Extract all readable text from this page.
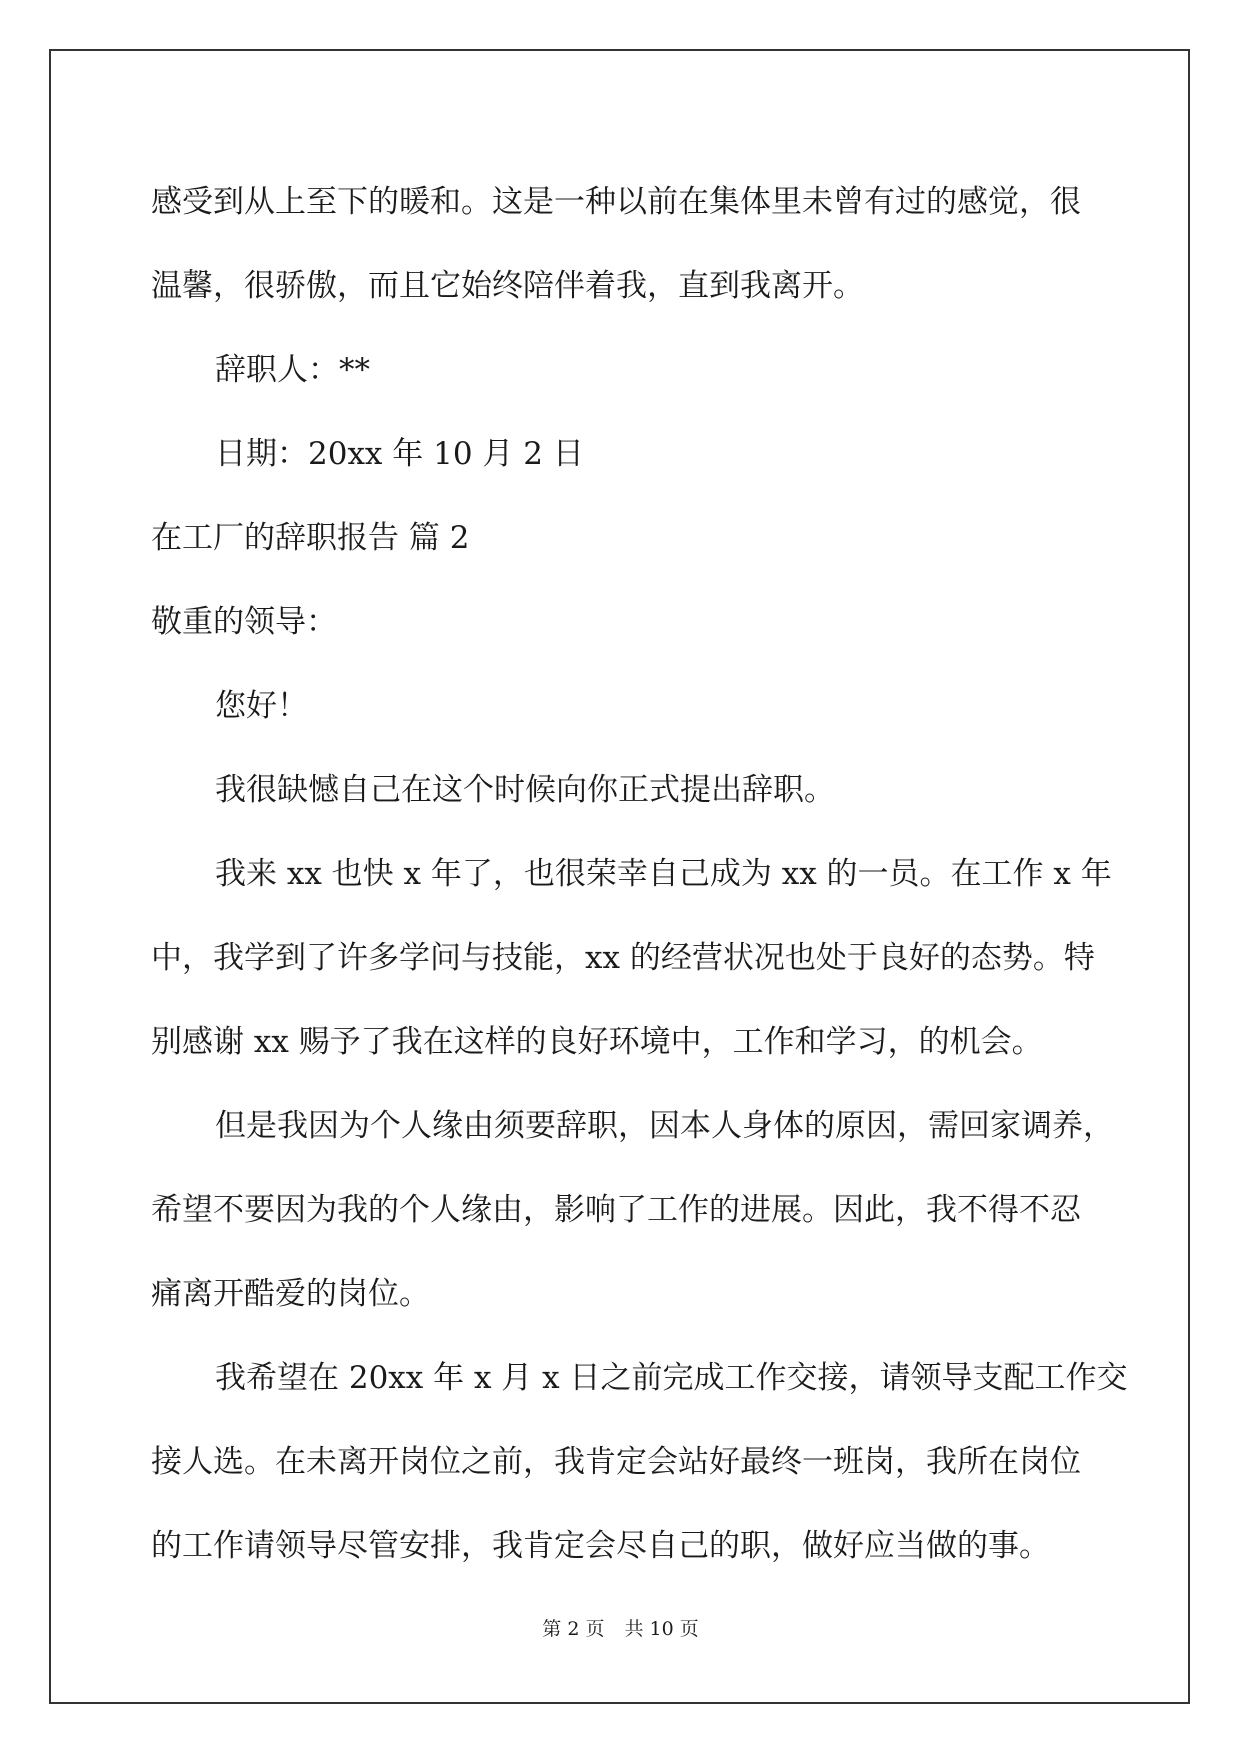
感受到从上至下的暖和。这是一种以前在集体里未曾有过的感觉，很

温馨，很骄傲，而且它始终陪伴着我，直到我离开。

辞职人：**

日期：20xx 年 10 月 2 日

在工厂的辞职报告 篇 2

敬重的领导：

您好！

我很缺憾自己在这个时候向你正式提出辞职。

我来 xx 也快 x 年了，也很荣幸自己成为 xx 的一员。在工作 x 年

中，我学到了许多学问与技能，xx 的经营状况也处于良好的态势。特

别感谢 xx 赐予了我在这样的良好环境中，工作和学习，的机会。

但是我因为个人缘由须要辞职，因本人身体的原因，需回家调养，

希望不要因为我的个人缘由，影响了工作的进展。因此，我不得不忍

痛离开酷爱的岗位。

我希望在 20xx 年 x 月 x 日之前完成工作交接，请领导支配工作交

接人选。在未离开岗位之前，我肯定会站好最终一班岗，我所在岗位

的工作请领导尽管安排，我肯定会尽自己的职，做好应当做的事。

第 2 页 共 10 页
